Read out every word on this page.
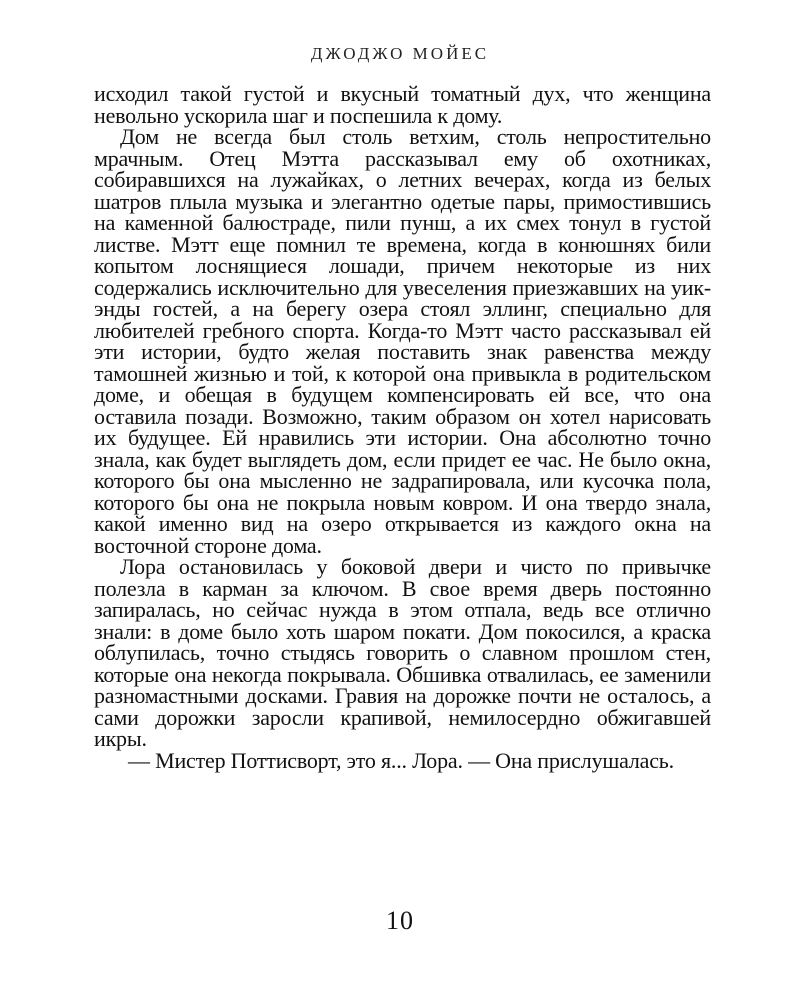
ДЖОДЖО МОЙЕС

исходил такой густой и вкусный томатный дух, что женщина невольно ускорила шаг и поспешила к дому.

Дом не всегда был столь ветхим, столь непростительно мрачным. Отец Мэтта рассказывал ему об охотниках, собиравшихся на лужайках, о летних вечерах, когда из белых шатров плыла музыка и элегантно одетые пары, примостившись на каменной балюстраде, пили пунш, а их смех тонул в густой листве. Мэтт еще помнил те времена, когда в конюшнях били копытом лоснящиеся лошади, причем некоторые из них содержались исключительно для увеселения приезжавших на уик-энды гостей, а на берегу озера стоял эллинг, специально для любителей гребного спорта. Когда-то Мэтт часто рассказывал ей эти истории, будто желая поставить знак равенства между тамошней жизнью и той, к которой она привыкла в родительском доме, и обещая в будущем компенсировать ей все, что она оставила позади. Возможно, таким образом он хотел нарисовать их будущее. Ей нравились эти истории. Она абсолютно точно знала, как будет выглядеть дом, если придет ее час. Не было окна, которого бы она мысленно не задрапировала, или кусочка пола, которого бы она не покрыла новым ковром. И она твердо знала, какой именно вид на озеро открывается из каждого окна на восточной стороне дома.

Лора остановилась у боковой двери и чисто по привычке полезла в карман за ключом. В свое время дверь постоянно запиралась, но сейчас нужда в этом отпала, ведь все отлично знали: в доме было хоть шаром покати. Дом покосился, а краска облупилась, точно стыдясь говорить о славном прошлом стен, которые она некогда покрывала. Обшивка отвалилась, ее заменили разномастными досками. Гравия на дорожке почти не осталось, а сами дорожки заросли крапивой, немилосердно обжигавшей икры.

— Мистер Поттисворт, это я... Лора. — Она прислушалась.

10
